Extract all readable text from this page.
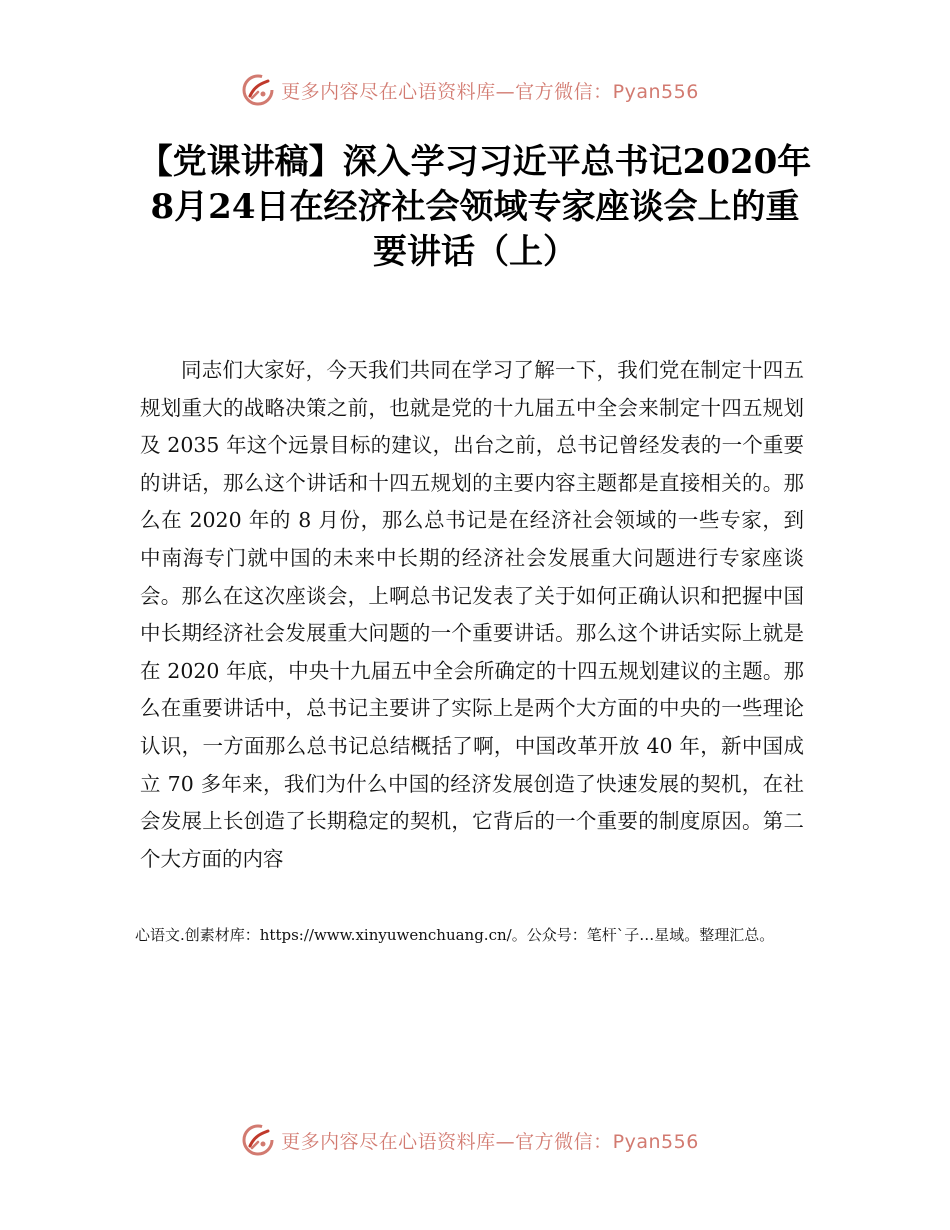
更多内容尽在心语资料库—官方微信：Pyan556
【党课讲稿】深入学习习近平总书记2020年8月24日在经济社会领域专家座谈会上的重要讲话（上）

同志们大家好，今天我们共同在学习了解一下，我们党在制定十四五规划重大的战略决策之前，也就是党的十九届五中全会来制定十四五规划及 2035 年这个远景目标的建议，出台之前，总书记曾经发表的一个重要的讲话，那么这个讲话和十四五规划的主要内容主题都是直接相关的。那么在 2020 年的 8 月份，那么总书记是在经济社会领域的一些专家，到中南海专门就中国的未来中长期的经济社会发展重大问题进行专家座谈会。那么在这次座谈会，上啊总书记发表了关于如何正确认识和把握中国中长期经济社会发展重大问题的一个重要讲话。那么这个讲话实际上就是在 2020 年底，中央十九届五中全会所确定的十四五规划建议的主题。那么在重要讲话中，总书记主要讲了实际上是两个大方面的中央的一些理论认识，一方面那么总书记总结概括了啊，中国改革开放 40 年，新中国成立 70 多年来，我们为什么中国的经济发展创造了快速发展的契机，在社会发展上长创造了长期稳定的契机，它背后的一个重要的制度原因。第二个大方面的内容

心语文.创素材库：https://www.xinyuwenchuang.cn/。公众号：笔杆`子…星域。整理汇总。

更多内容尽在心语资料库—官方微信：Pyan556
